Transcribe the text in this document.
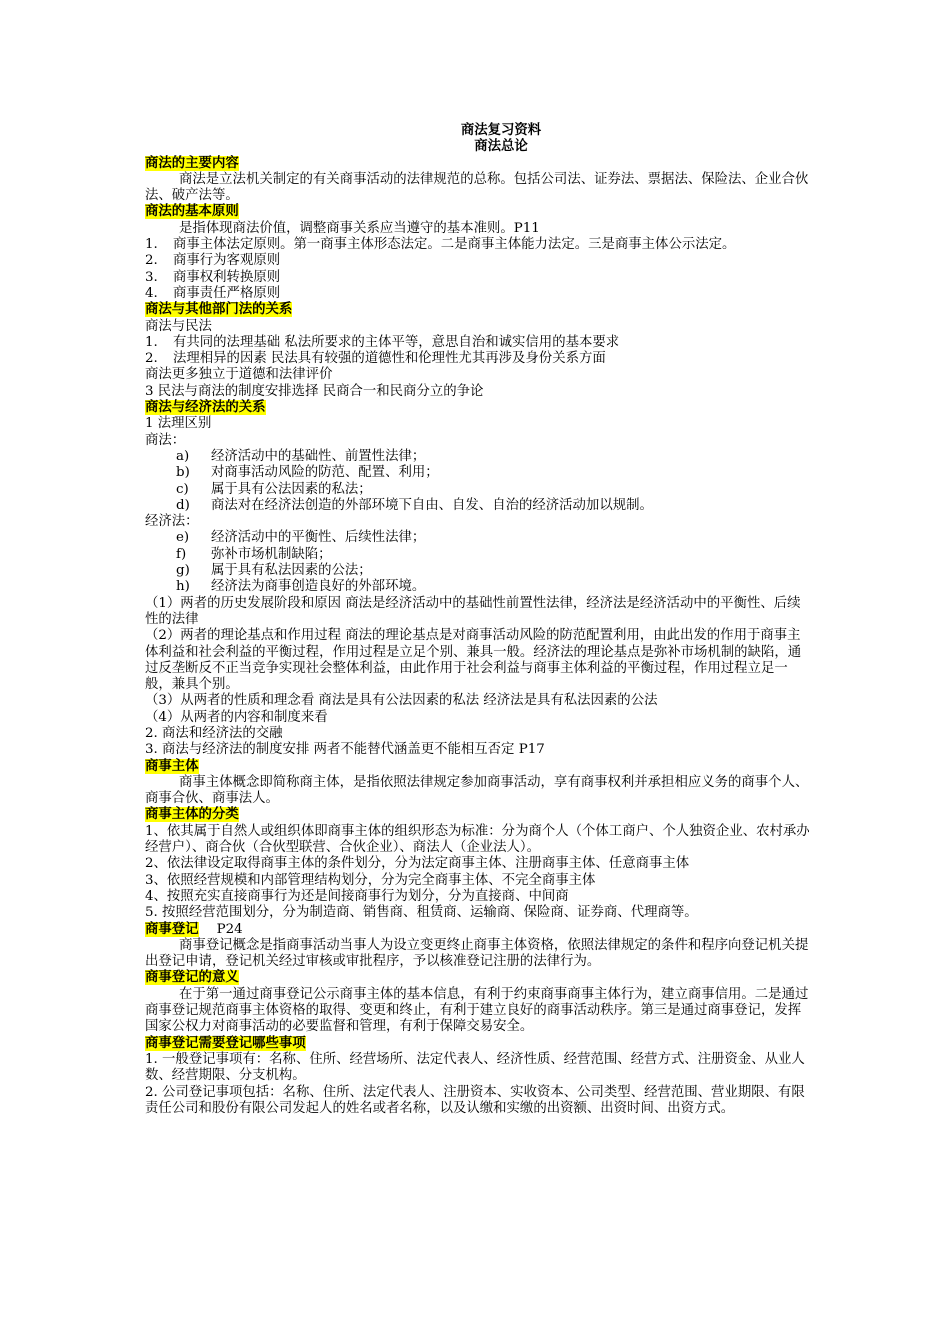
商法复习资料
商法总论
商法的主要内容
商法是立法机关制定的有关商事活动的法律规范的总称。包括公司法、证券法、票据法、保险法、企业合伙法、破产法等。
商法的基本原则
是指体现商法价值，调整商事关系应当遵守的基本准则。P11
1.	商事主体法定原则。第一商事主体形态法定。二是商事主体能力法定。三是商事主体公示法定。
2.	商事行为客观原则
3.	商事权利转换原则
4.	商事责任严格原则
商法与其他部门法的关系
商法与民法
1.	有共同的法理基础 私法所要求的主体平等，意思自治和诚实信用的基本要求
2.	法理相异的因素 民法具有较强的道德性和伦理性尤其再涉及身份关系方面
商法更多独立于道德和法律评价
3 民法与商法的制度安排选择 民商合一和民商分立的争论
商法与经济法的关系
1 法理区别
商法：
a)	经济活动中的基础性、前置性法律；
b)	对商事活动风险的防范、配置、利用；
c)	属于具有公法因素的私法；
d)	商法对在经济法创造的外部环境下自由、自发、自治的经济活动加以规制。
经济法：
e)	经济活动中的平衡性、后续性法律；
f)	弥补市场机制缺陷；
g)	属于具有私法因素的公法；
h)	经济法为商事创造良好的外部环境。
（1）两者的历史发展阶段和原因 商法是经济活动中的基础性前置性法律，经济法是经济活动中的平衡性、后续性的法律
（2）两者的理论基点和作用过程 商法的理论基点是对商事活动风险的防范配置利用，由此出发的作用于商事主体利益和社会利益的平衡过程，作用过程是立足个别、兼具一般。经济法的理论基点是弥补市场机制的缺陷，通过反垄断反不正当竞争实现社会整体利益，由此作用于社会利益与商事主体利益的平衡过程，作用过程立足一般，兼具个别。
（3）从两者的性质和理念看 商法是具有公法因素的私法 经济法是具有私法因素的公法
（4）从两者的内容和制度来看
2. 商法和经济法的交融
3. 商法与经济法的制度安排 两者不能替代涵盖更不能相互否定 P17
商事主体
商事主体概念即简称商主体，是指依照法律规定参加商事活动，享有商事权利并承担相应义务的商事个人、商事合伙、商事法人。
商事主体的分类
1、依其属于自然人或组织体即商事主体的组织形态为标准：分为商个人（个体工商户、个人独资企业、农村承办经营户）、商合伙（合伙型联营、合伙企业）、商法人（企业法人）。
2、依法律设定取得商事主体的条件划分，分为法定商事主体、注册商事主体、任意商事主体
3、依照经营规模和内部管理结构划分，分为完全商事主体、不完全商事主体
4、按照充实直接商事行为还是间接商事行为划分，分为直接商、中间商
5. 按照经营范围划分，分为制造商、销售商、租赁商、运输商、保险商、证券商、代理商等。
商事登记 P24
商事登记概念是指商事活动当事人为设立变更终止商事主体资格，依照法律规定的条件和程序向登记机关提出登记申请，登记机关经过审核或审批程序，予以核准登记注册的法律行为。
商事登记的意义
在于第一通过商事登记公示商事主体的基本信息，有利于约束商事商事主体行为，建立商事信用。二是通过商事登记规范商事主体资格的取得、变更和终止，有利于建立良好的商事活动秩序。第三是通过商事登记，发挥国家公权力对商事活动的必要监督和管理，有利于保障交易安全。
商事登记需要登记哪些事项
1. 一般登记事项有：名称、住所、经营场所、法定代表人、经济性质、经营范围、经营方式、注册资金、从业人数、经营期限、分支机构。
2. 公司登记事项包括：名称、住所、法定代表人、注册资本、实收资本、公司类型、经营范围、营业期限、有限责任公司和股份有限公司发起人的姓名或者名称，以及认缴和实缴的出资额、出资时间、出资方式。
